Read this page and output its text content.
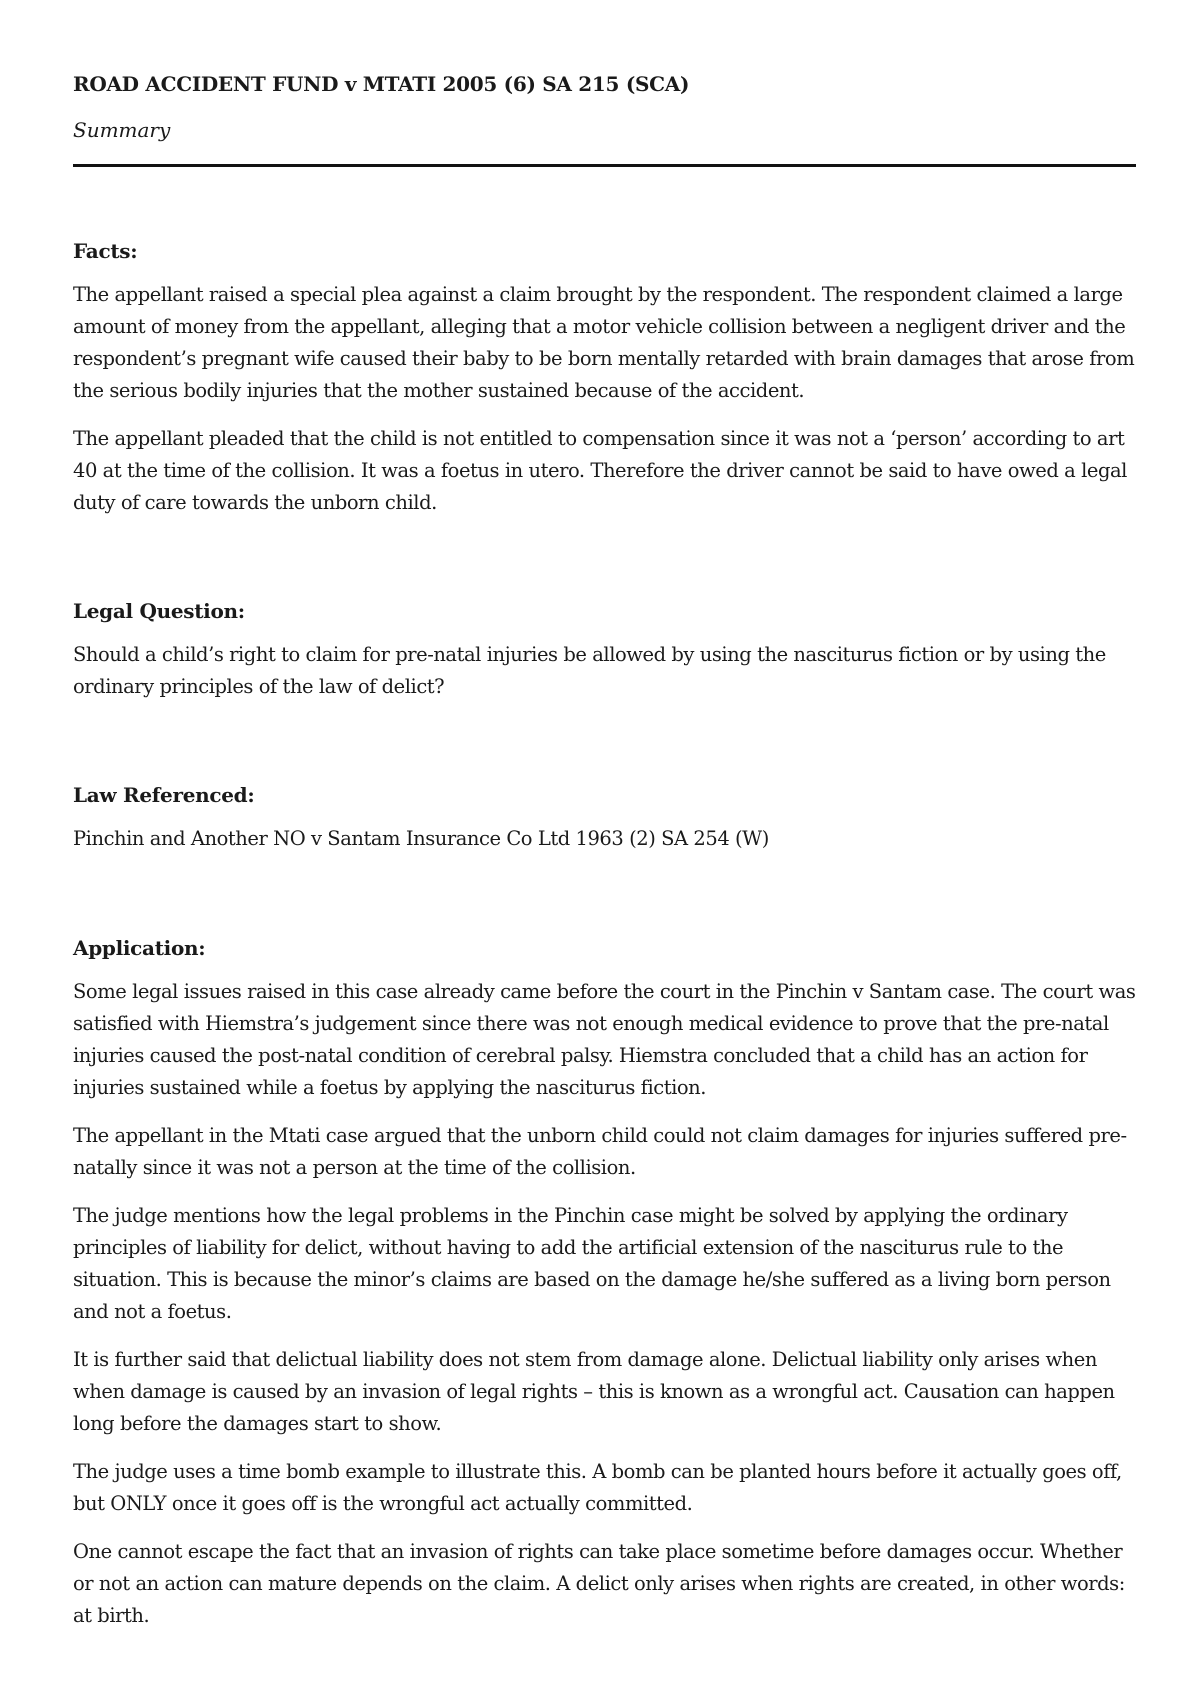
ROAD ACCIDENT FUND v MTATI 2005 (6) SA 215 (SCA)

Summary

Facts:

The appellant raised a special plea against a claim brought by the respondent. The respondent claimed a large amount of money from the appellant, alleging that a motor vehicle collision between a negligent driver and the respondent’s pregnant wife caused their baby to be born mentally retarded with brain damages that arose from the serious bodily injuries that the mother sustained because of the accident.

The appellant pleaded that the child is not entitled to compensation since it was not a ‘person’ according to art 40 at the time of the collision. It was a foetus in utero. Therefore the driver cannot be said to have owed a legal duty of care towards the unborn child.

Legal Question:

Should a child’s right to claim for pre-natal injuries be allowed by using the nasciturus fiction or by using the ordinary principles of the law of delict?

Law Referenced:

Pinchin and Another NO v Santam Insurance Co Ltd 1963 (2) SA 254 (W)

Application:

Some legal issues raised in this case already came before the court in the Pinchin v Santam case. The court was satisfied with Hiemstra’s judgement since there was not enough medical evidence to prove that the pre-natal injuries caused the post-natal condition of cerebral palsy. Hiemstra concluded that a child has an action for injuries sustained while a foetus by applying the nasciturus fiction.

The appellant in the Mtati case argued that the unborn child could not claim damages for injuries suffered pre-natally since it was not a person at the time of the collision.

The judge mentions how the legal problems in the Pinchin case might be solved by applying the ordinary principles of liability for delict, without having to add the artificial extension of the nasciturus rule to the situation. This is because the minor’s claims are based on the damage he/she suffered as a living born person and not a foetus.

It is further said that delictual liability does not stem from damage alone. Delictual liability only arises when when damage is caused by an invasion of legal rights – this is known as a wrongful act. Causation can happen long before the damages start to show.

The judge uses a time bomb example to illustrate this. A bomb can be planted hours before it actually goes off, but ONLY once it goes off is the wrongful act actually committed.

One cannot escape the fact that an invasion of rights can take place sometime before damages occur. Whether or not an action can mature depends on the claim. A delict only arises when rights are created, in other words: at birth.
